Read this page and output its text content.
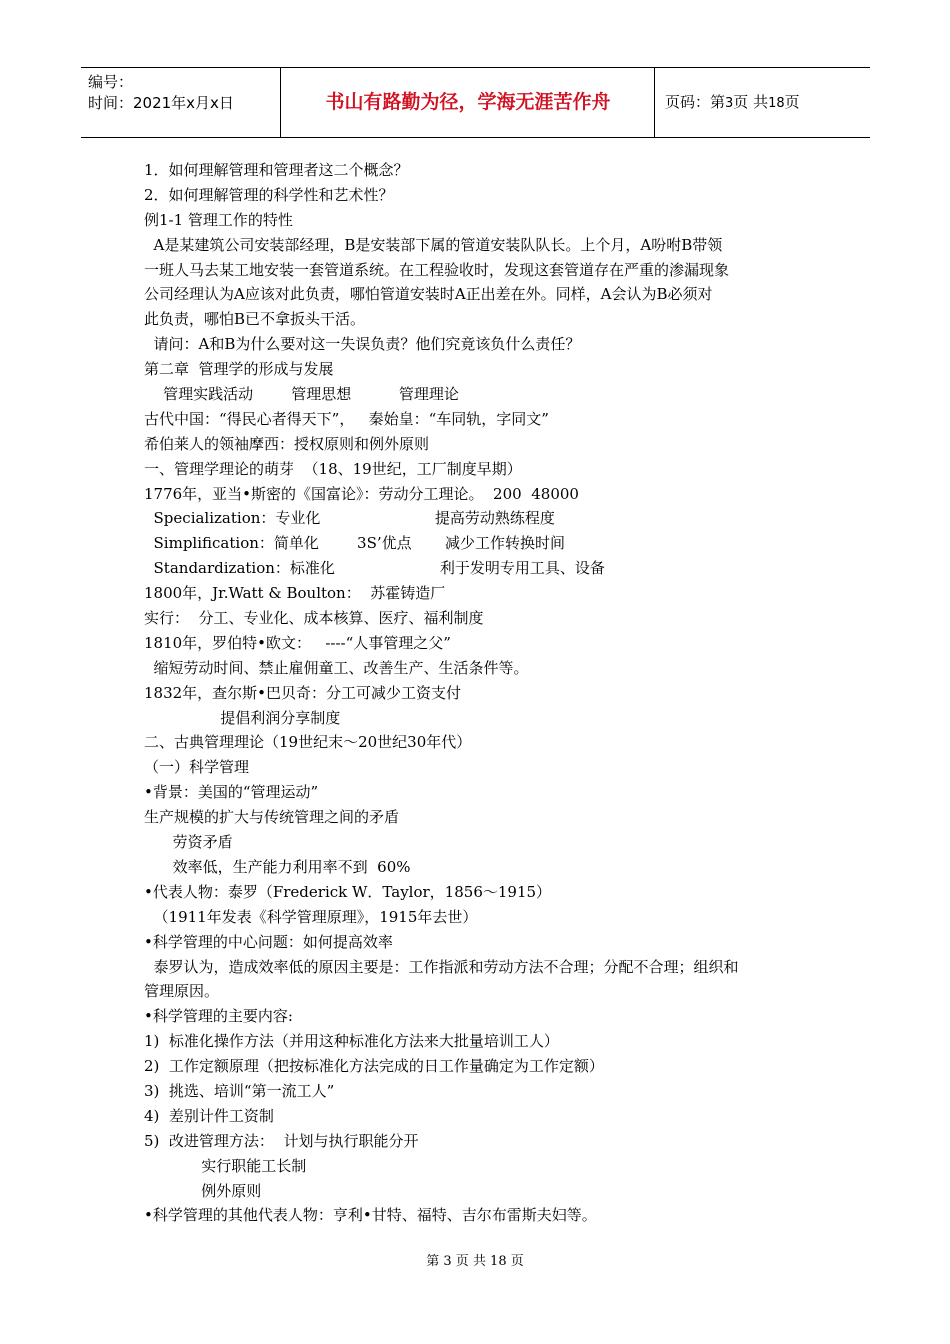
编号：
时间：2021年x月x日	书山有路勤为径，学海无涯苦作舟	页码：第3页 共18页
1．如何理解管理和管理者这二个概念？
2．如何理解管理的科学性和艺术性？
例1-1 管理工作的特性
A是某建筑公司安装部经理，B是安装部下属的管道安装队队长。上个月，A吩咐B带领
一班人马去某工地安装一套管道系统。在工程验收时，发现这套管道存在严重的渗漏现象
公司经理认为A应该对此负责，哪怕管道安装时A正出差在外。同样，A会认为B必须对
此负责，哪怕B已不拿扳头干活。
请问：A和B为什么要对这一失误负责？他们究竟该负什么责任？
第二章  管理学的形成与发展
管理实践活动        管理思想          管理理论
古代中国：“得民心者得天下”，   秦始皇：“车同轨，字同文”
希伯莱人的领袖摩西：授权原则和例外原则
一、管理学理论的萌芽  （18、19世纪，工厂制度早期）
1776年，亚当•斯密的《国富论》：劳动分工理论。  200  48000
Specialization：专业化                        提高劳动熟练程度
Simplification：简单化        3S’优点       减少工作转换时间
Standardization：标准化                      利于发明专用工具、设备
1800年，Jr.Watt & Boulton：  苏霍铸造厂
实行：  分工、专业化、成本核算、医疗、福利制度
1810年，罗伯特•欧文：   ----“人事管理之父”
缩短劳动时间、禁止雇佣童工、改善生产、生活条件等。
1832年，查尔斯•巴贝奇：分工可减少工资支付
提倡利润分享制度
二、古典管理理论（19世纪末～20世纪30年代）
（一）科学管理
•背景：美国的“管理运动”
生产规模的扩大与传统管理之间的矛盾
劳资矛盾
效率低，生产能力利用率不到  60%
•代表人物：泰罗（Frederick W．Taylor，1856～1915）
（1911年发表《科学管理原理》，1915年去世）
•科学管理的中心问题：如何提高效率
泰罗认为，造成效率低的原因主要是：工作指派和劳动方法不合理；分配不合理；组织和
管理原因。
•科学管理的主要内容:
1)  标准化操作方法（并用这种标准化方法来大批量培训工人）
2)  工作定额原理（把按标准化方法完成的日工作量确定为工作定额）
3)  挑选、培训“第一流工人”
4)  差别计件工资制
5)  改进管理方法：  计划与执行职能分开
实行职能工长制
例外原则
•科学管理的其他代表人物：亨利•甘特、福特、吉尔布雷斯夫妇等。
第 3 页 共 18 页
